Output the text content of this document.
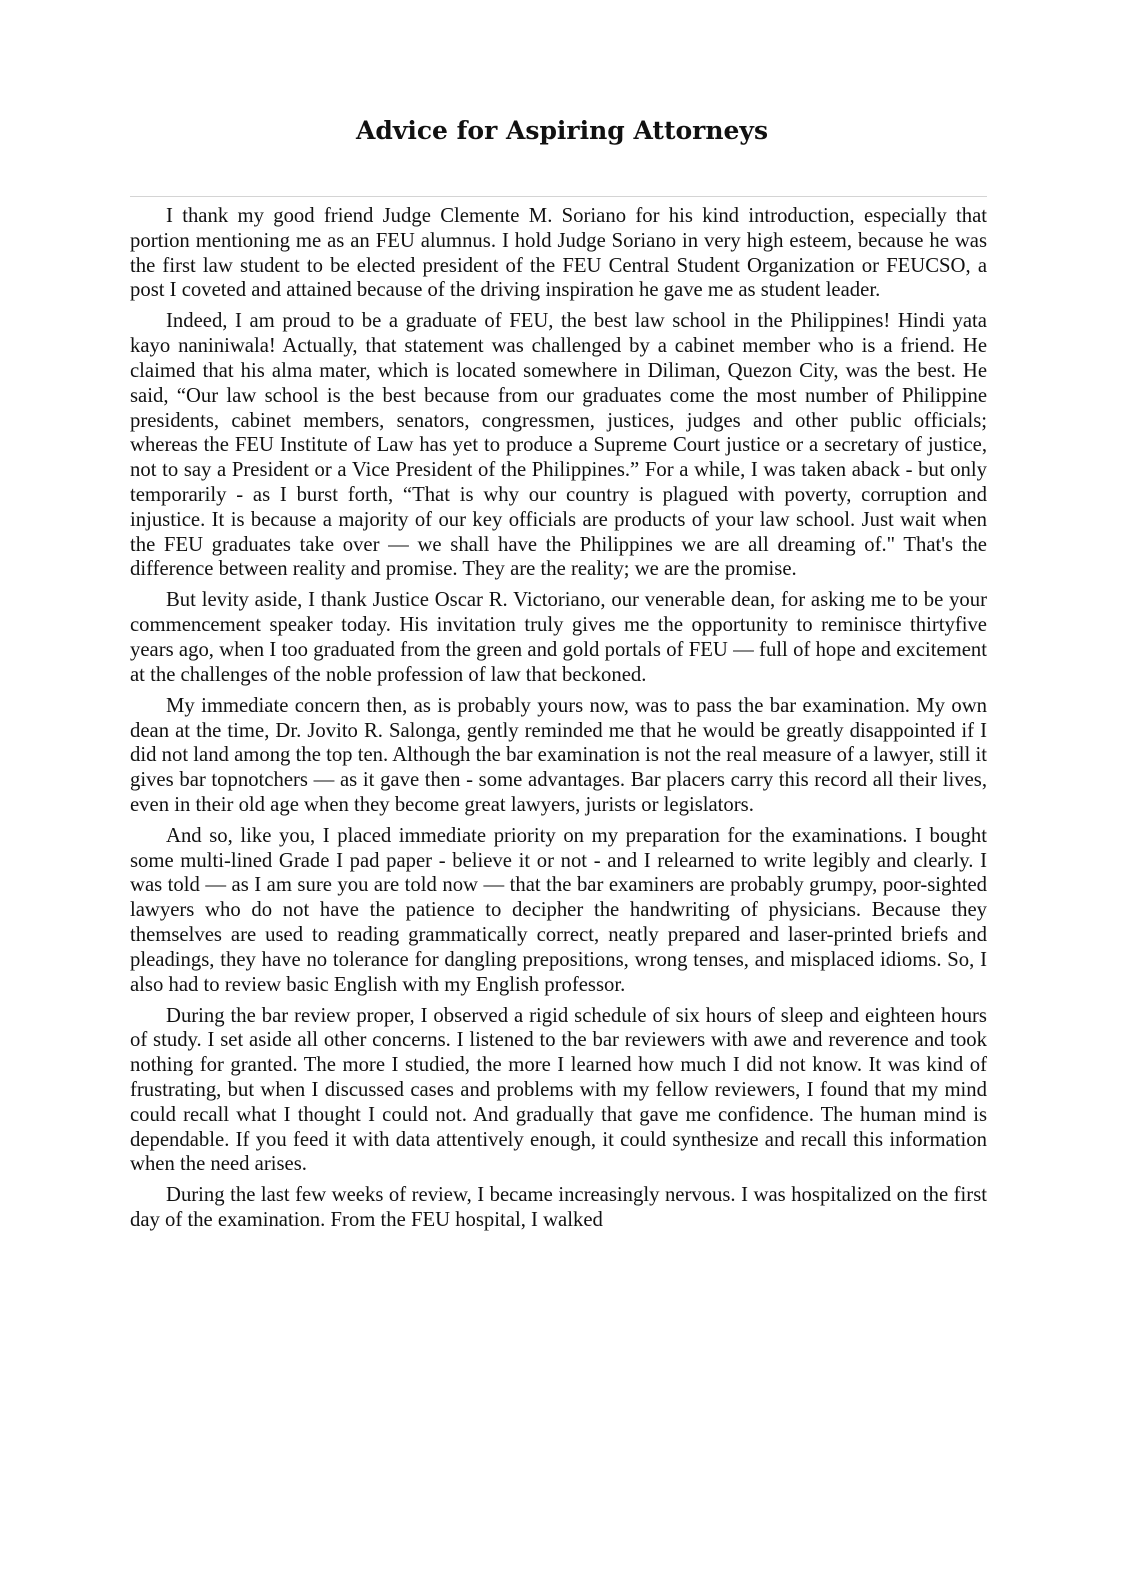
Advice for Aspiring Attorneys

I thank my good friend Judge Clemente M. Soriano for his kind introduction, especially that portion mentioning me as an FEU alumnus. I hold Judge Soriano in very high esteem, because he was the first law student to be elected president of the FEU Central Student Organization or FEUCSO, a post I coveted and attained because of the driving inspiration he gave me as student leader.

Indeed, I am proud to be a graduate of FEU, the best law school in the Philippines! Hindi yata kayo naniniwala! Actually, that statement was challenged by a cabinet member who is a friend. He claimed that his alma mater, which is located somewhere in Diliman, Quezon City, was the best. He said, “Our law school is the best because from our graduates come the most number of Philippine presidents, cabinet members, senators, congressmen, justices, judges and other public officials; whereas the FEU Institute of Law has yet to produce a Supreme Court justice or a secretary of justice, not to say a President or a Vice President of the Philippines.” For a while, I was taken aback - but only temporarily - as I burst forth, “That is why our country is plagued with poverty, corruption and injustice. It is because a majority of our key officials are products of your law school. Just wait when the FEU graduates take over — we shall have the Philippines we are all dreaming of." That's the difference between reality and promise. They are the reality; we are the promise.

But levity aside, I thank Justice Oscar R. Victoriano, our venerable dean, for asking me to be your commencement speaker today. His invitation truly gives me the opportunity to reminisce thirtyfive years ago, when I too graduated from the green and gold portals of FEU — full of hope and excitement at the challenges of the noble profession of law that beckoned.

My immediate concern then, as is probably yours now, was to pass the bar examination. My own dean at the time, Dr. Jovito R. Salonga, gently reminded me that he would be greatly disappointed if I did not land among the top ten. Although the bar examination is not the real measure of a lawyer, still it gives bar topnotchers — as it gave then - some advantages. Bar placers carry this record all their lives, even in their old age when they become great lawyers, jurists or legislators.

And so, like you, I placed immediate priority on my preparation for the examinations. I bought some multi-lined Grade I pad paper - believe it or not - and I relearned to write legibly and clearly. I was told — as I am sure you are told now — that the bar examiners are probably grumpy, poor-sighted lawyers who do not have the patience to decipher the handwriting of physicians. Because they themselves are used to reading grammatically correct, neatly prepared and laser-printed briefs and pleadings, they have no tolerance for dangling prepositions, wrong tenses, and misplaced idioms. So, I also had to review basic English with my English professor.

During the bar review proper, I observed a rigid schedule of six hours of sleep and eighteen hours of study. I set aside all other concerns. I listened to the bar reviewers with awe and reverence and took nothing for granted. The more I studied, the more I learned how much I did not know. It was kind of frustrating, but when I discussed cases and problems with my fellow reviewers, I found that my mind could recall what I thought I could not. And gradually that gave me confidence. The human mind is dependable. If you feed it with data attentively enough, it could synthesize and recall this information when the need arises.

During the last few weeks of review, I became increasingly nervous. I was hospitalized on the first day of the examination. From the FEU hospital, I walked
